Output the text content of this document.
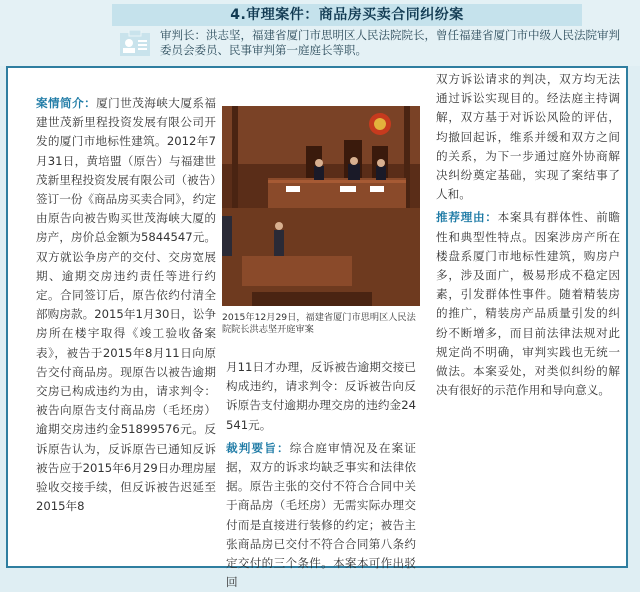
4.审理案件：商品房买卖合同纠纷案
审判长：洪志坚，福建省厦门市思明区人民法院院长，曾任福建省厦门市中级人民法院审判委员会委员、民事审判第一庭庭长等职。

案情简介：厦门世茂海峡大厦系福建世茂新里程投资发展有限公司开发的厦门市地标性建筑。2012年7月31日，黄培盟（原告）与福建世茂新里程投资发展有限公司（被告）签订一份《商品房买卖合同》，约定由原告向被告购买世茂海峡大厦的房产，房价总金额为5844547元。双方就讼争房产的交付、交房宽展期、逾期交房违约责任等进行约定。合同签订后，原告依约付清全部购房款。2015年1月30日，讼争房所在楼宇取得《竣工验收备案表》，被告于2015年8月11日向原告交付商品房。现原告以被告逾期交房已构成违约为由，请求判令：被告向原告支付商品房（毛坯房）逾期交房违约金51899576元。反诉原告认为，反诉原告已通知反诉被告应于2015年6月29日办理房屋验收交接手续，但反诉被告迟延至2015年8

2015年12月29日，福建省厦门市思明区人民法院院长洪志坚开庭审案

月11日才办理，反诉被告逾期交接已构成违约，请求判令：反诉被告向反诉原告支付逾期办理交房的违约金24541元。

裁判要旨：综合庭审情况及在案证据，双方的诉求均缺乏事实和法律依据。原告主张的交付不符合合同中关于商品房（毛坯房）无需实际办理交付而是直接进行装修的约定；被告主张商品房已交付不符合合同第八条约定交付的三个条件。本案本可作出驳回

双方诉讼请求的判决，双方均无法通过诉讼实现目的。经法庭主持调解，双方基于对诉讼风险的评估，均撤回起诉，维系并缓和双方之间的关系，为下一步通过庭外协商解决纠纷奠定基础，实现了案结事了人和。

推荐理由：本案具有群体性、前瞻性和典型性特点。因案涉房产所在楼盘系厦门市地标性建筑，购房户多，涉及面广，极易形成不稳定因素，引发群体性事件。随着精装房的推广，精装房产品质量引发的纠纷不断增多，而目前法律法规对此规定尚不明确，审判实践也无统一做法。本案妥处，对类似纠纷的解决有很好的示范作用和导向意义。
